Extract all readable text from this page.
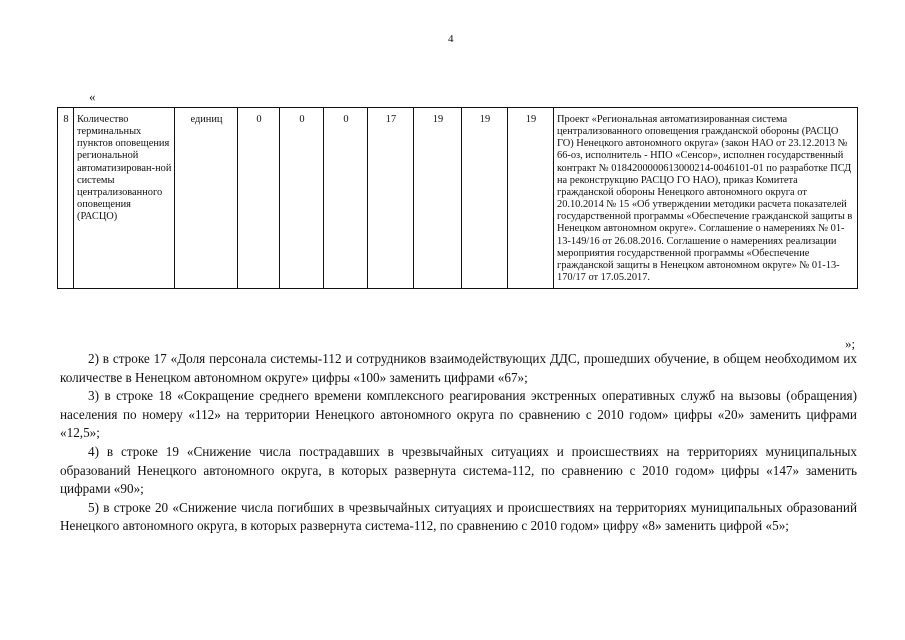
4
«
8	Количество терминальных пунктов оповещения региональной автоматизирован-ной системы централизованного оповещения (РАСЦО)	единиц	0	0	0	17	19	19	19	Проект «Региональная автоматизированная система централизованного оповещения гражданской обороны (РАСЦО ГО) Ненецкого автономного округа» (закон НАО от 23.12.2013 № 66-оз, исполнитель - НПО «Сенсор», исполнен государственный контракт № 0184200000613000214-0046101-01 по разработке ПСД на реконструкцию РАСЦО ГО НАО), приказ Комитета гражданской обороны Ненецкого автономного округа от 20.10.2014 № 15 «Об утверждении методики расчета показателей государственной программы «Обеспечение гражданской защиты в Ненецком автономном округе». Соглашение о намерениях № 01-13-149/16 от 26.08.2016. Соглашение о намерениях реализации мероприятия государственной программы «Обеспечение гражданской защиты в Ненецком автономном округе» № 01-13-170/17 от 17.05.2017.
»;

2) в строке 17 «Доля персонала системы-112 и сотрудников взаимодействующих ДДС, прошедших обучение, в общем необходимом их количестве в Ненецком автономном округе» цифры «100» заменить цифрами «67»;

3) в строке 18 «Сокращение среднего времени комплексного реагирования экстренных оперативных служб на вызовы (обращения) населения по номеру «112» на территории Ненецкого автономного округа по сравнению с 2010 годом» цифры «20» заменить цифрами «12,5»;

4) в строке 19 «Снижение числа пострадавших в чрезвычайных ситуациях и происшествиях на территориях муниципальных образований Ненецкого автономного округа, в которых развернута система-112, по сравнению с 2010 годом» цифры «147» заменить цифрами «90»;

5) в строке 20 «Снижение числа погибших в чрезвычайных ситуациях и происшествиях на территориях муниципальных образований Ненецкого автономного округа, в которых развернута система-112, по сравнению с 2010 годом» цифру «8» заменить цифрой «5»;
